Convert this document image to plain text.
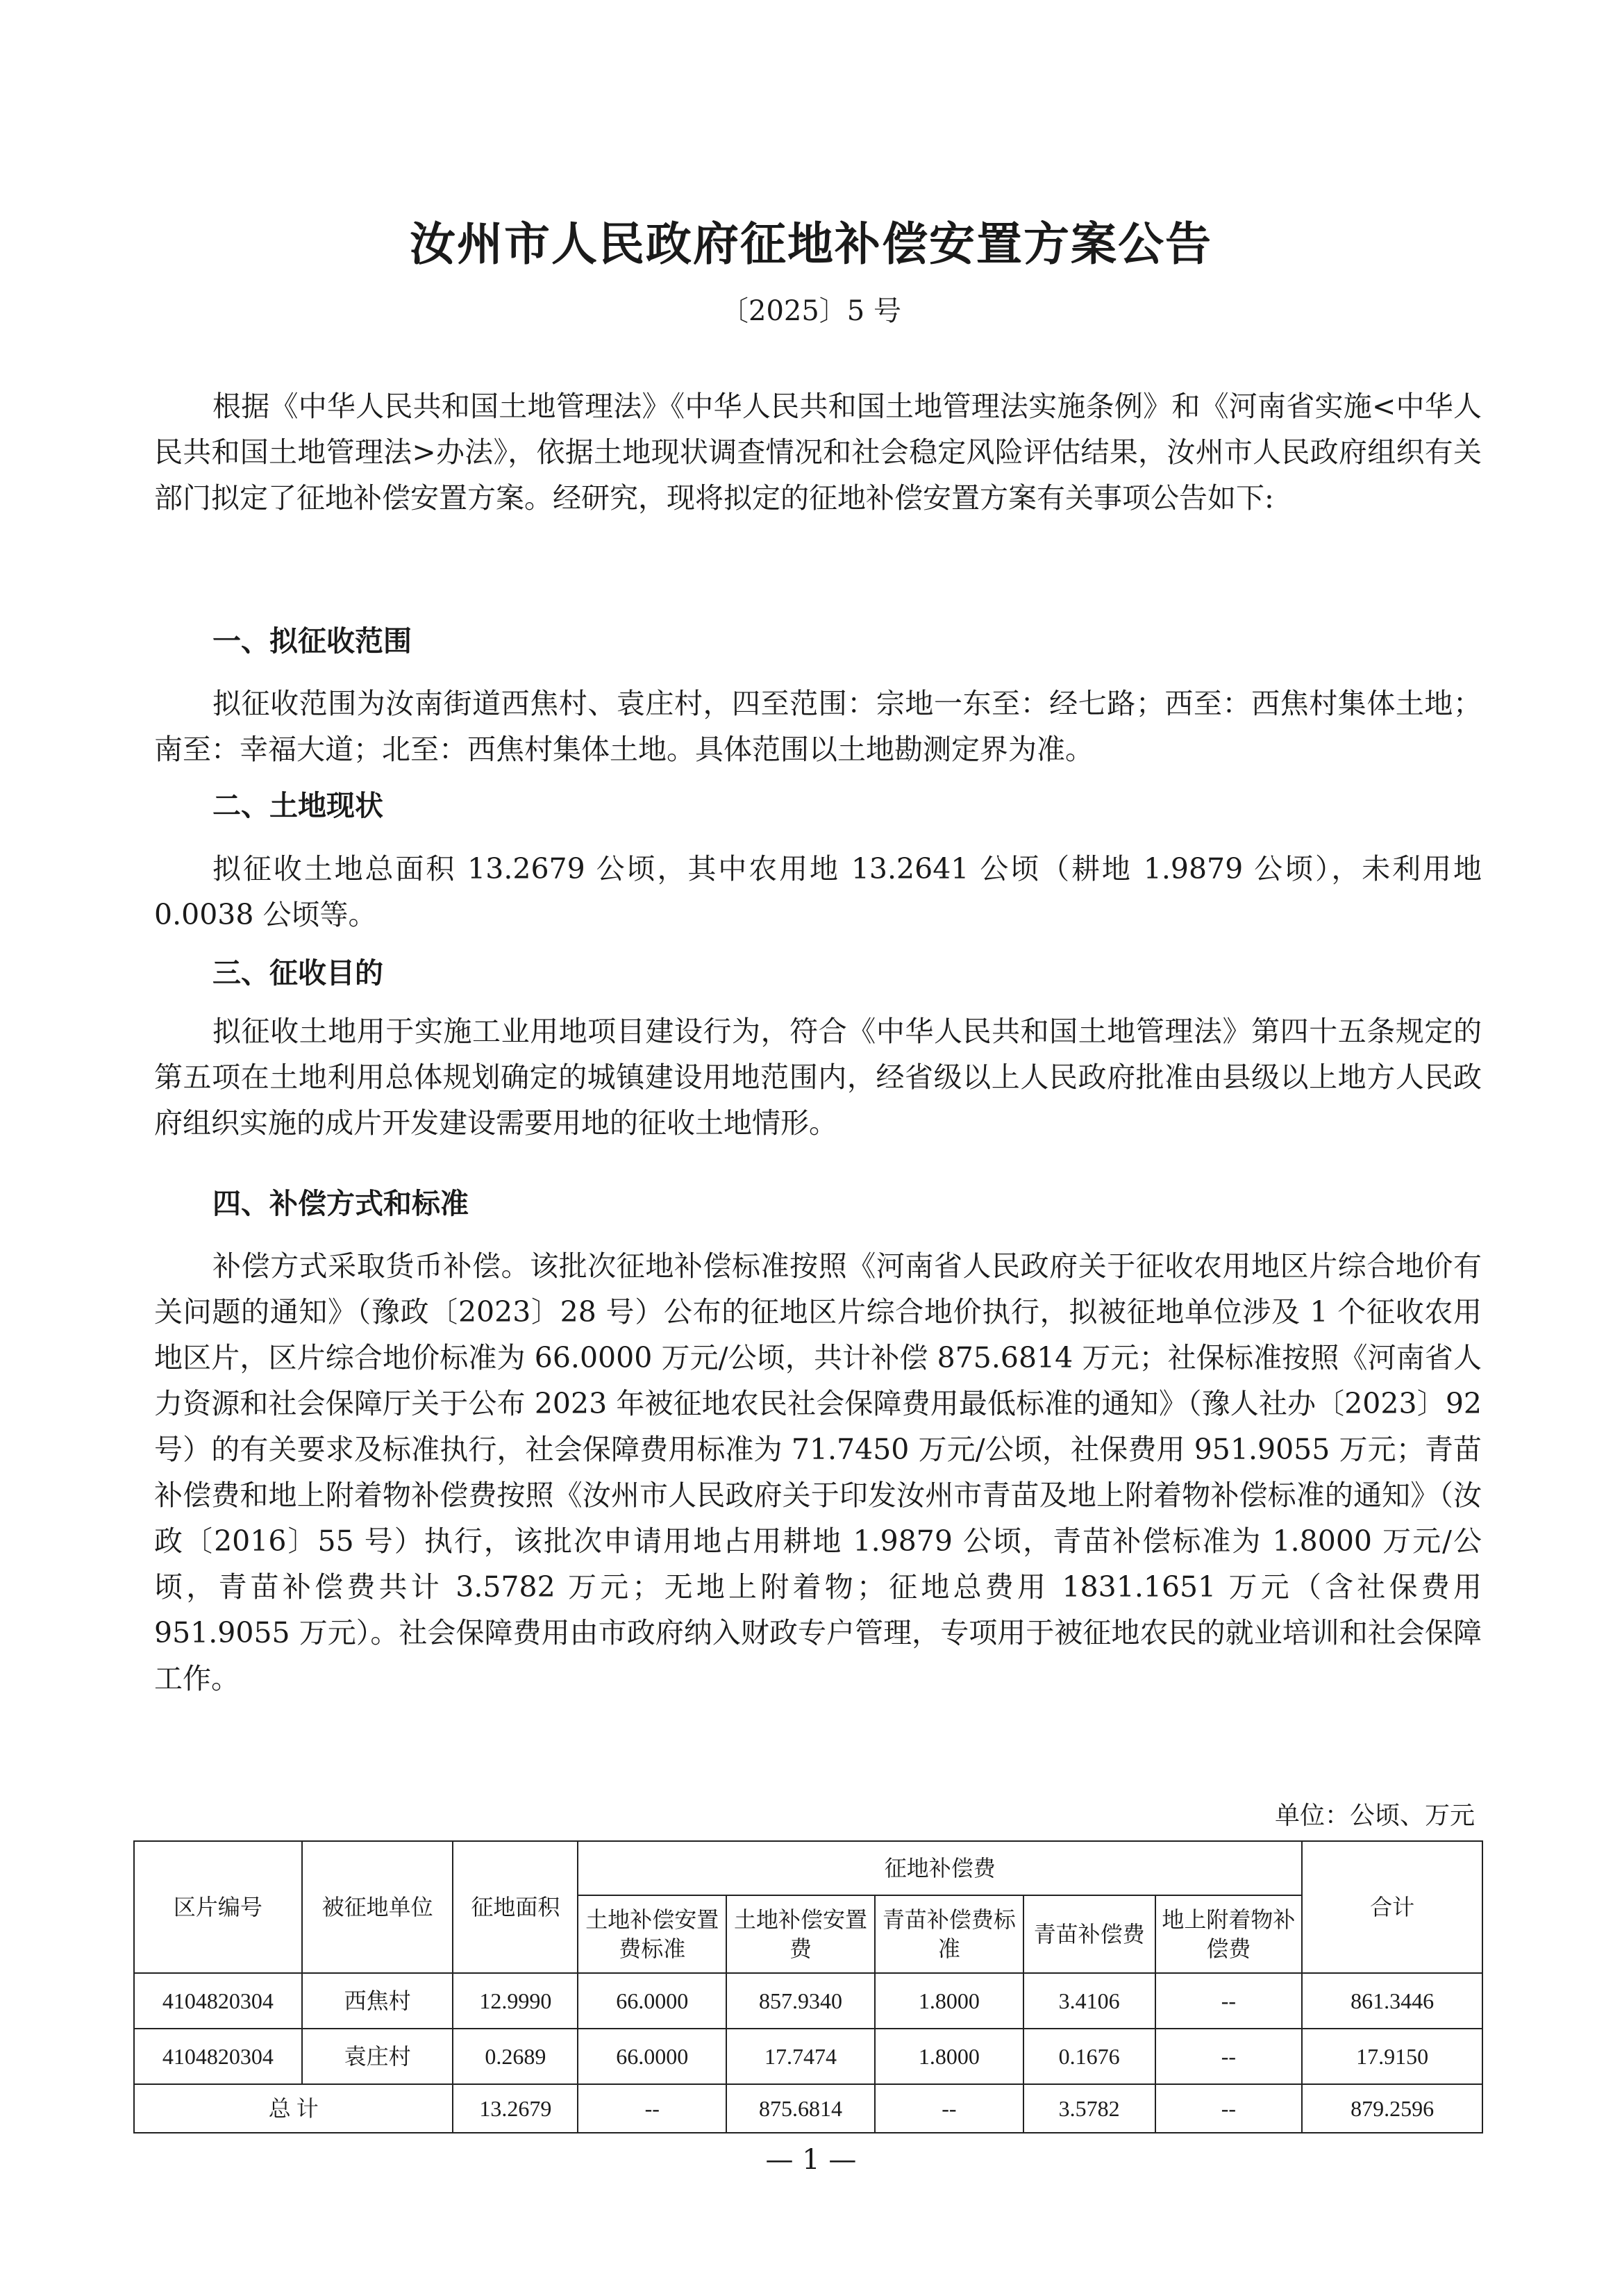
汝州市人民政府征地补偿安置方案公告
〔2025〕5 号

根据《中华人民共和国土地管理法》《中华人民共和国土地管理法实施条例》和《河南省实施<中华人民共和国土地管理法>办法》，依据土地现状调查情况和社会稳定风险评估结果，汝州市人民政府组织有关部门拟定了征地补偿安置方案。经研究，现将拟定的征地补偿安置方案有关事项公告如下:

一、拟征收范围

拟征收范围为汝南街道西焦村、袁庄村，四至范围：宗地一东至：经七路；西至：西焦村集体土地；南至：幸福大道；北至：西焦村集体土地。具体范围以土地勘测定界为准。

二、土地现状

拟征收土地总面积 13.2679 公顷，其中农用地 13.2641 公顷（耕地 1.9879 公顷），未利用地 0.0038 公顷等。

三、征收目的

拟征收土地用于实施工业用地项目建设行为，符合《中华人民共和国土地管理法》第四十五条规定的第五项在土地利用总体规划确定的城镇建设用地范围内，经省级以上人民政府批准由县级以上地方人民政府组织实施的成片开发建设需要用地的征收土地情形。

四、补偿方式和标准

补偿方式采取货币补偿。该批次征地补偿标准按照《河南省人民政府关于征收农用地区片综合地价有关问题的通知》（豫政〔2023〕28 号）公布的征地区片综合地价执行，拟被征地单位涉及 1 个征收农用地区片，区片综合地价标准为 66.0000 万元/公顷，共计补偿 875.6814 万元；社保标准按照《河南省人力资源和社会保障厅关于公布 2023 年被征地农民社会保障费用最低标准的通知》（豫人社办〔2023〕92 号）的有关要求及标准执行，社会保障费用标准为 71.7450 万元/公顷，社保费用 951.9055 万元；青苗补偿费和地上附着物补偿费按照《汝州市人民政府关于印发汝州市青苗及地上附着物补偿标准的通知》（汝政〔2016〕55 号）执行，该批次申请用地占用耕地 1.9879 公顷，青苗补偿标准为 1.8000 万元/公顷，青苗补偿费共计 3.5782 万元；无地上附着物；征地总费用 1831.1651 万元（含社保费用 951.9055 万元）。社会保障费用由市政府纳入财政专户管理，专项用于被征地农民的就业培训和社会保障工作。

单位：公顷、万元
区片编号	被征地单位	征地面积	征地补偿费					合计
			土地补偿安置费标准	土地补偿安置费	青苗补偿费标准	青苗补偿费	地上附着物补偿费	
4104820304	西焦村	12.9990	66.0000	857.9340	1.8000	3.4106	--	861.3446
4104820304	袁庄村	0.2689	66.0000	17.7474	1.8000	0.1676	--	17.9150
总 计		13.2679	--	875.6814	--	3.5782	--	879.2596
— 1 —
